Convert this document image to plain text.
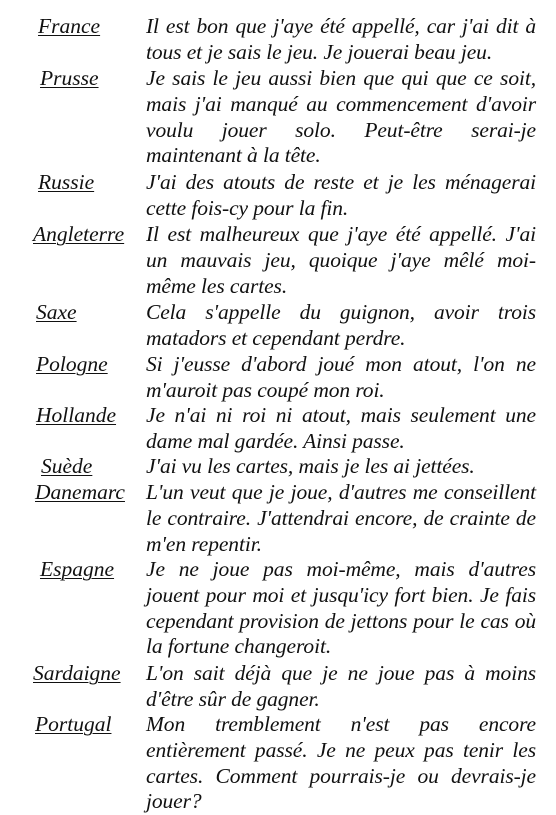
France Il est bon que j'aye été appellé, car j'ai dit à tous et je sais le jeu. Je jouerai beau jeu.
Prusse Je sais le jeu aussi bien que qui que ce soit, mais j'ai manqué au commencement d'avoir voulu jouer solo. Peut-être serai-je maintenant à la tête.
Russie J'ai des atouts de reste et je les ménagerai cette fois-cy pour la fin.
Angleterre Il est malheureux que j'aye été appellé. J'ai un mauvais jeu, quoique j'aye mêlé moi-même les cartes.
Saxe	Cela s'appelle du guignon, avoir trois matadors et cependant perdre.
Pologne Si j'eusse d'abord joué mon atout, l'on ne m'auroit pas coupé mon roi.
Hollande Je n'ai ni roi ni atout, mais seulement une dame mal gardée. Ainsi passe.
Suède J'ai vu les cartes, mais je les ai jettées.
Danemarc L'un veut que je joue, d'autres me conseillent le contraire. J'attendrai encore, de crainte de m'en repentir.
Espagne Je ne joue pas moi-même, mais d'autres jouent pour moi et jusqu'icy fort bien. Je fais cependant provision de jettons pour le cas où la fortune changeroit.
Sardaigne L'on sait déjà que je ne joue pas à moins d'être sûr de gagner.
Portugal Mon tremblement n'est pas encore entièrement passé. Je ne peux pas tenir les cartes. Comment pourrais-je ou devrais-je jouer?
